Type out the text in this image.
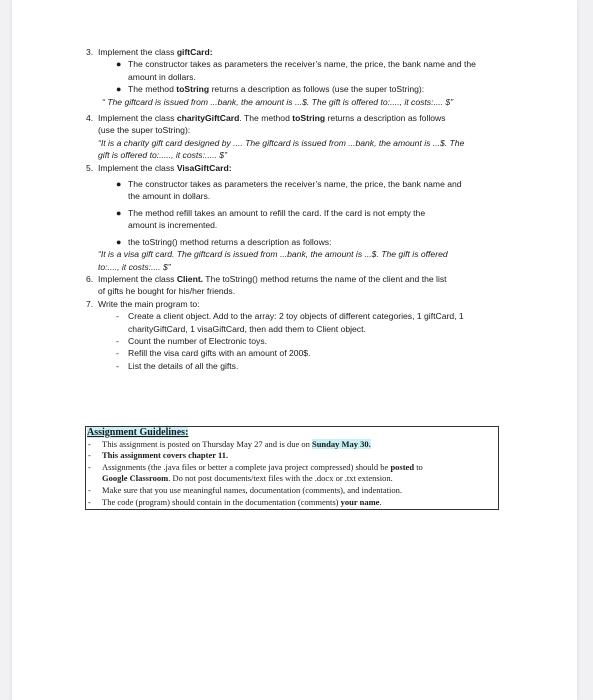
3. Implement the class giftCard:
● The constructor takes as parameters the receiver’s name, the price, the bank name and the
amount in dollars.
● The method toString returns a description as follows (use the super toString):
“ The giftcard is issued from ...bank, the amount is ...$. The gift is offered to:...., it costs:.... $”
4. Implement the class charityGiftCard. The method toString returns a description as follows
(use the super toString):
“It is a charity gift card designed by .... The giftcard is issued from ...bank, the amount is ...$. The
gift is offered to:....., it costs:..... $”
5. Implement the class VisaGiftCard:
● The constructor takes as parameters the receiver’s name, the price, the bank name and
the amount in dollars.
● The method refill takes an amount to refill the card. If the card is not empty the
amount is incremented.
● the toString() method returns a description as follows:
“It is a visa gift card. The giftcard is issued from ...bank, the amount is ...$. The gift is offered
to:...., it costs:.... $”
6. Implement the class Client. The toString() method returns the name of the client and the list
of gifts he bought for his/her friends.
7. Write the main program to:
- Create a client object. Add to the array: 2 toy objects of different categories, 1 giftCard, 1
charityGiftCard, 1 visaGiftCard, then add them to Client object.
- Count the number of Electronic toys.
- Refill the visa card gifts with an amount of 200$.
- List the details of all the gifts.
Assignment Guidelines:
- This assignment is posted on Thursday May 27 and is due on Sunday May 30.
- This assignment covers chapter 11.
- Assignments (the .java files or better a complete java project compressed) should be posted to
Google Classroom. Do not post documents/text files with the .docx or .txt extension.
- Make sure that you use meaningful names, documentation (comments), and indentation.
- The code (program) should contain in the documentation (comments) your name.
